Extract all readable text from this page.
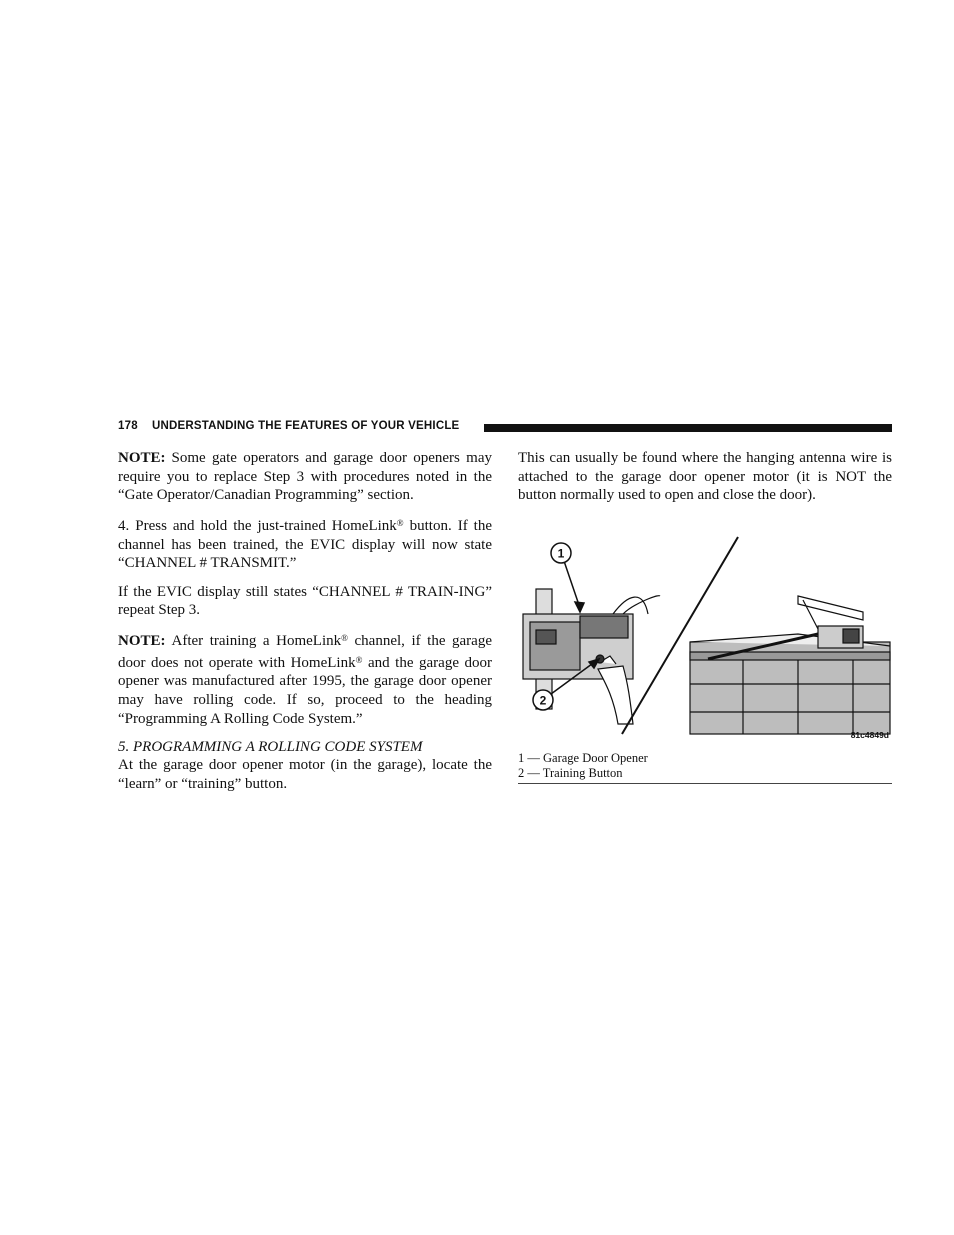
178 UNDERSTANDING THE FEATURES OF YOUR VEHICLE

NOTE: Some gate operators and garage door openers may require you to replace Step 3 with procedures noted in the “Gate Operator/Canadian Programming” section.

4. Press and hold the just-trained HomeLink® button. If the channel has been trained, the EVIC display will now state “CHANNEL # TRANSMIT.”

If the EVIC display still states “CHANNEL # TRAIN-ING” repeat Step 3.

NOTE: After training a HomeLink® channel, if the garage door does not operate with HomeLink® and the garage door opener was manufactured after 1995, the garage door opener may have rolling code. If so, proceed to the heading “Programming A Rolling Code System.”

5. PROGRAMMING A ROLLING CODE SYSTEM

At the garage door opener motor (in the garage), locate the “learn” or “training” button.

This can usually be found where the hanging antenna wire is attached to the garage door opener motor (it is NOT the button normally used to open and close the door).

1
2
81c4849d
1 — Garage Door Opener
2 — Training Button
